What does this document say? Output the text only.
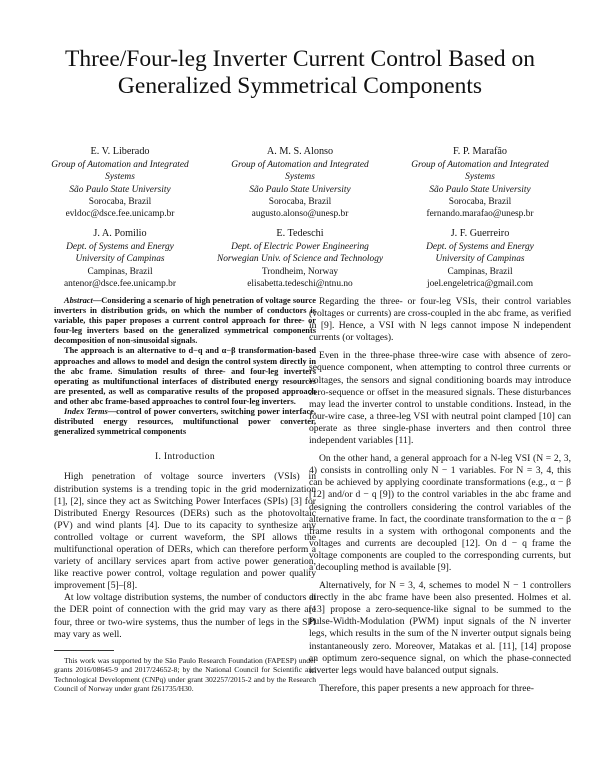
Three/Four-leg Inverter Current Control Based on
Generalized Symmetrical Components
E. V. Liberado
Group of Automation and Integrated
Systems
São Paulo State University
Sorocaba, Brazil
evldoc@dsce.fee.unicamp.br
A. M. S. Alonso
Group of Automation and Integrated
Systems
São Paulo State University
Sorocaba, Brazil
augusto.alonso@unesp.br
F. P. Marafão
Group of Automation and Integrated
Systems
São Paulo State University
Sorocaba, Brazil
fernando.marafao@unesp.br
J. A. Pomilio
Dept. of Systems and Energy
University of Campinas
Campinas, Brazil
antenor@dsce.fee.unicamp.br
E. Tedeschi
Dept. of Electric Power Engineering
Norwegian Univ. of Science and Technology
Trondheim, Norway
elisabetta.tedeschi@ntnu.no
J. F. Guerreiro
Dept. of Systems and Energy
University of Campinas
Campinas, Brazil
joel.engeletrica@gmail.com

Abstract—Considering a scenario of high penetration of voltage source inverters in distribution grids, on which the number of conductors is variable, this paper proposes a current control approach for three- or four-leg inverters based on the generalized symmetrical components decomposition of non-sinusoidal signals.

The approach is an alternative to d−q and α−β transformation-based approaches and allows to model and design the control system directly in the abc frame. Simulation results of three- and four-leg inverters operating as multifunctional interfaces of distributed energy resources are presented, as well as comparative results of the proposed approach and other abc frame-based approaches to control four-leg inverters.

Index Terms—control of power converters, switching power interface, distributed energy resources, multifunctional power converter, generalized symmetrical components

I. Introduction

High penetration of voltage source inverters (VSIs) in distribution systems is a trending topic in the grid modernization [1], [2], since they act as Switching Power Interfaces (SPIs) [3] for Distributed Energy Resources (DERs) such as the photovoltaic (PV) and wind plants [4]. Due to its capacity to synthesize any controlled voltage or current waveform, the SPI allows the multifunctional operation of DERs, which can therefore perform a variety of ancillary services apart from active power generation, like reactive power control, voltage regulation and power quality improvement [5]–[8].

At low voltage distribution systems, the number of conductors at the DER point of connection with the grid may vary as there are four, three or two-wire systems, thus the number of legs in the SPI may vary as well.

This work was supported by the São Paulo Research Foundation (FAPESP) under grants 2016/08645-9 and 2017/24652-8; by the National Council for Scientific and Technological Development (CNPq) under grant 302257/2015-2 and by the Research Council of Norway under grant f261735/H30.

Regarding the three- or four-leg VSIs, their control variables (voltages or currents) are cross-coupled in the abc frame, as verified in [9]. Hence, a VSI with N legs cannot impose N independent currents (or voltages).

Even in the three-phase three-wire case with absence of zero-sequence component, when attempting to control three currents or voltages, the sensors and signal conditioning boards may introduce zero-sequence or offset in the measured signals. These disturbances may lead the inverter control to unstable conditions. Instead, in the four-wire case, a three-leg VSI with neutral point clamped [10] can operate as three single-phase inverters and then control three independent variables [11].

On the other hand, a general approach for a N-leg VSI (N = 2, 3, 4) consists in controlling only N − 1 variables. For N = 3, 4, this can be achieved by applying coordinate transformations (e.g., α − β [12] and/or d − q [9]) to the control variables in the abc frame and designing the controllers considering the control variables of the alternative frame. In fact, the coordinate transformation to the α − β frame results in a system with orthogonal components and the voltages and currents are decoupled [12]. On d − q frame the voltage components are coupled to the corresponding currents, but a decoupling method is available [9].

Alternatively, for N = 3, 4, schemes to model N − 1 controllers directly in the abc frame have been also presented. Holmes et al. [13] propose a zero-sequence-like signal to be summed to the Pulse-Width-Modulation (PWM) input signals of the N inverter legs, which results in the sum of the N inverter output signals being instantaneously zero. Moreover, Matakas et al. [11], [14] propose an optimum zero-sequence signal, on which the phase-connected inverter legs would have balanced output signals.

Therefore, this paper presents a new approach for three-
